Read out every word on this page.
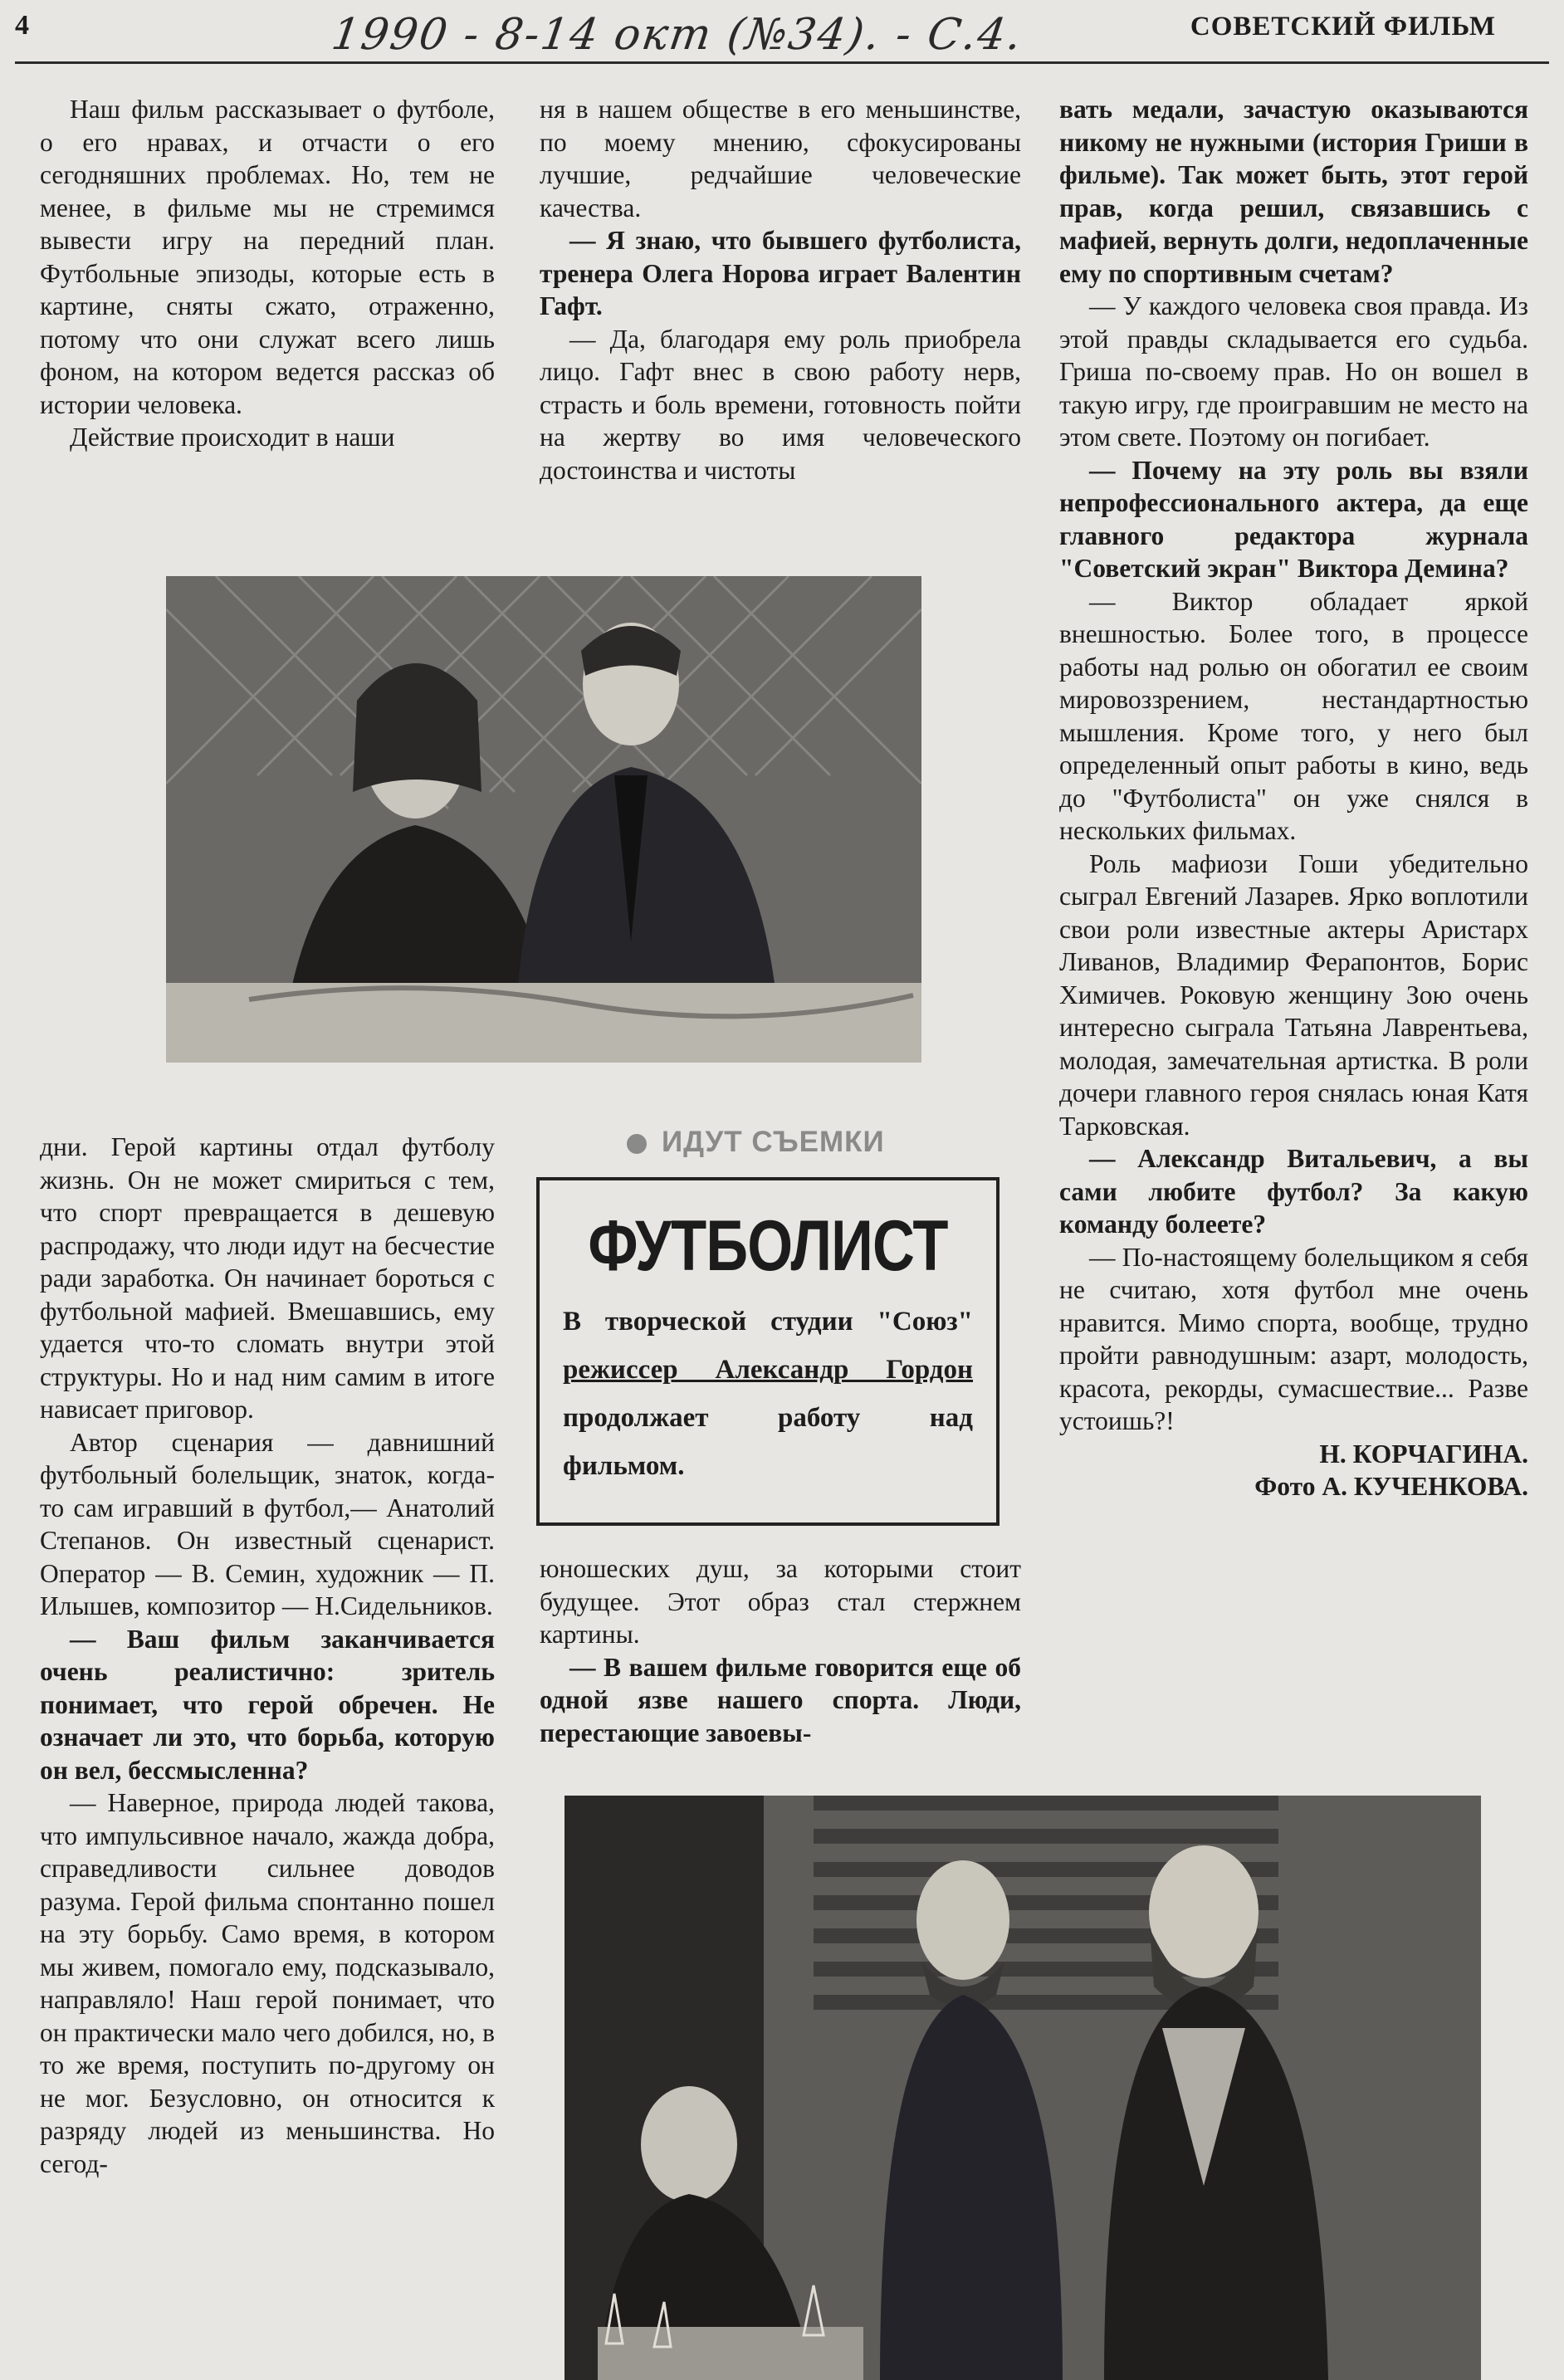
4	1990 - 8-14 окт (№34). - С.4.	СОВЕТСКИЙ ФИЛЬМ

Наш фильм рассказывает о футболе, о его нравах, и отчасти о его сегодняшних проблемах. Но, тем не менее, в фильме мы не стремимся вывести игру на передний план. Футбольные эпизоды, которые есть в картине, сняты сжато, отраженно, потому что они служат всего лишь фоном, на котором ведется рассказ об истории человека.

Действие происходит в наши

ня в нашем обществе в его меньшинстве, по моему мнению, сфокусированы лучшие, редчайшие человеческие качества.

— Я знаю, что бывшего футболиста, тренера Олега Норова играет Валентин Гафт.

— Да, благодаря ему роль приобрела лицо. Гафт внес в свою работу нерв, страсть и боль времени, готовность пойти на жертву во имя человеческого достоинства и чистоты

вать медали, зачастую оказываются никому не нужными (история Гриши в фильме). Так может быть, этот герой прав, когда решил, связавшись с мафией, вернуть долги, недоплаченные ему по спортивным счетам?

— У каждого человека своя правда. Из этой правды складывается его судьба. Гриша по-своему прав. Но он вошел в такую игру, где проигравшим не место на этом свете. Поэтому он погибает.

— Почему на эту роль вы взяли непрофессионального актера, да еще главного редактора журнала "Советский экран" Виктора Демина?

— Виктор обладает яркой внешностью. Более того, в процессе работы над ролью он обогатил ее своим мировоззрением, нестандартностью мышления. Кроме того, у него был определенный опыт работы в кино, ведь до "Футболиста" он уже снялся в нескольких фильмах.

Роль мафиози Гоши убедительно сыграл Евгений Лазарев. Ярко воплотили свои роли известные актеры Аристарх Ливанов, Владимир Ферапонтов, Борис Химичев. Роковую женщину Зою очень интересно сыграла Татьяна Лаврентьева, молодая, замечательная артистка. В роли дочери главного героя снялась юная Катя Тарковская.

— Александр Витальевич, а вы сами любите футбол? За какую команду болеете?

— По-настоящему болельщиком я себя не считаю, хотя футбол мне очень нравится. Мимо спорта, вообще, трудно пройти равнодушным: азарт, молодость, красота, рекорды, сумасшествие... Разве устоишь?!

Н. КОРЧАГИНА.

Фото А. КУЧЕНКОВА.

дни. Герой картины отдал футболу жизнь. Он не может смириться с тем, что спорт превращается в дешевую распродажу, что люди идут на бесчестие ради заработка. Он начинает бороться с футбольной мафией. Вмешавшись, ему удается что-то сломать внутри этой структуры. Но и над ним самим в итоге нависает приговор.

Автор сценария — давнишний футбольный болельщик, знаток, когда-то сам игравший в футбол,— Анатолий Степанов. Он известный сценарист. Оператор — В. Семин, художник — П. Илышев, композитор — Н.Сидельников.

— Ваш фильм заканчивается очень реалистично: зритель понимает, что герой обречен. Не означает ли это, что борьба, которую он вел, бессмысленна?

— Наверное, природа людей такова, что импульсивное начало, жажда добра, справедливости сильнее доводов разума. Герой фильма спонтанно пошел на эту борьбу. Само время, в котором мы живем, помогало ему, подсказывало, направляло! Наш герой понимает, что он практически мало чего добился, но, в то же время, поступить по-другому он не мог. Безусловно, он относится к разряду людей из меньшинства. Но сегод-

ИДУТ СЪЕМКИ
ФУТБОЛИСТ
В творческой студии "Союз" режиссер Александр Гордон продолжает работу над фильмом.

юношеских душ, за которыми стоит будущее. Этот образ стал стержнем картины.

— В вашем фильме говорится еще об одной язве нашего спорта. Люди, перестающие завоевы-
